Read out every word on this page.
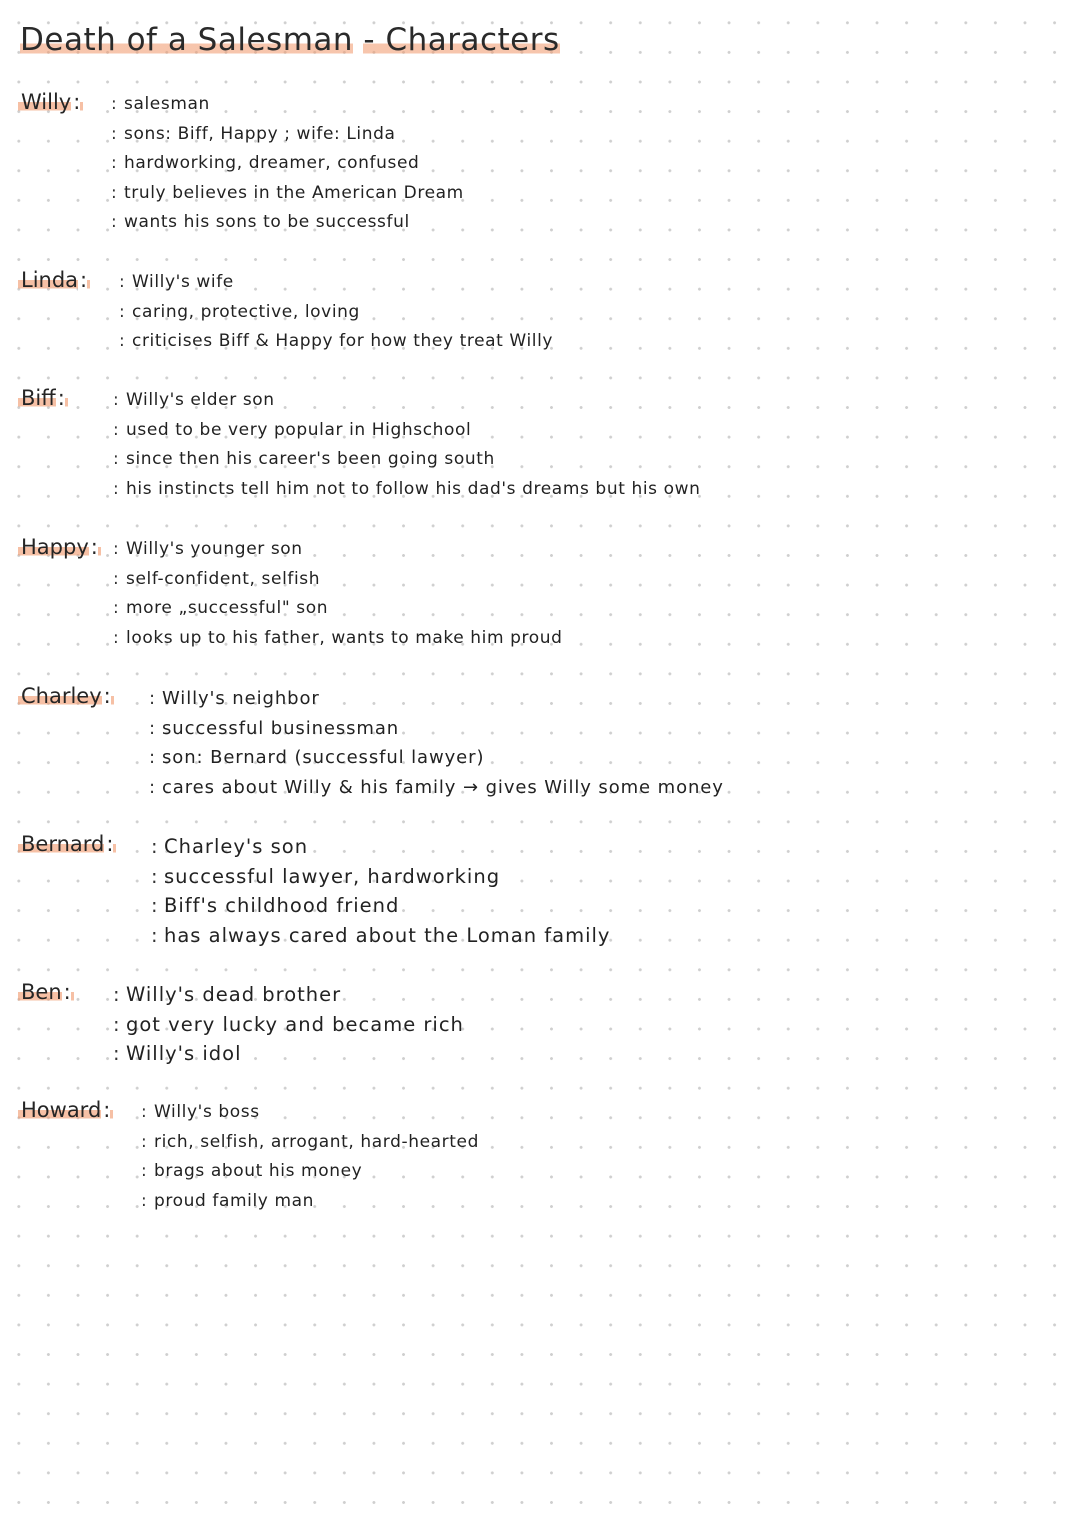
Death of a Salesman - Characters
Willy:	: salesman
: sons: Biff, Happy ; wife: Linda
: hardworking, dreamer, confused
: truly believes in the American Dream
: wants his sons to be successful
Linda:	: Willy's wife
: caring, protective, loving
: criticises Biff & Happy for how they treat Willy
Biff:	: Willy's elder son
: used to be very popular in Highschool
: since then his career's been going south
: his instincts tell him not to follow his dad's dreams but his own
Happy: : Willy's younger son
: self-confident, selfish
: more „successful" son
: looks up to his father, wants to make him proud
Charley:	: Willy's neighbor
: successful businessman
: son: Bernard (successful lawyer)
: cares about Willy & his family → gives Willy some money
Bernard:	: Charley's son
: successful lawyer, hardworking
: Biff's childhood friend
: has always cared about the Loman family
Ben:	: Willy's dead brother
: got very lucky and became rich
: Willy's idol
Howard:	: Willy's boss
: rich, selfish, arrogant, hard-hearted
: brags about his money
: proud family man
